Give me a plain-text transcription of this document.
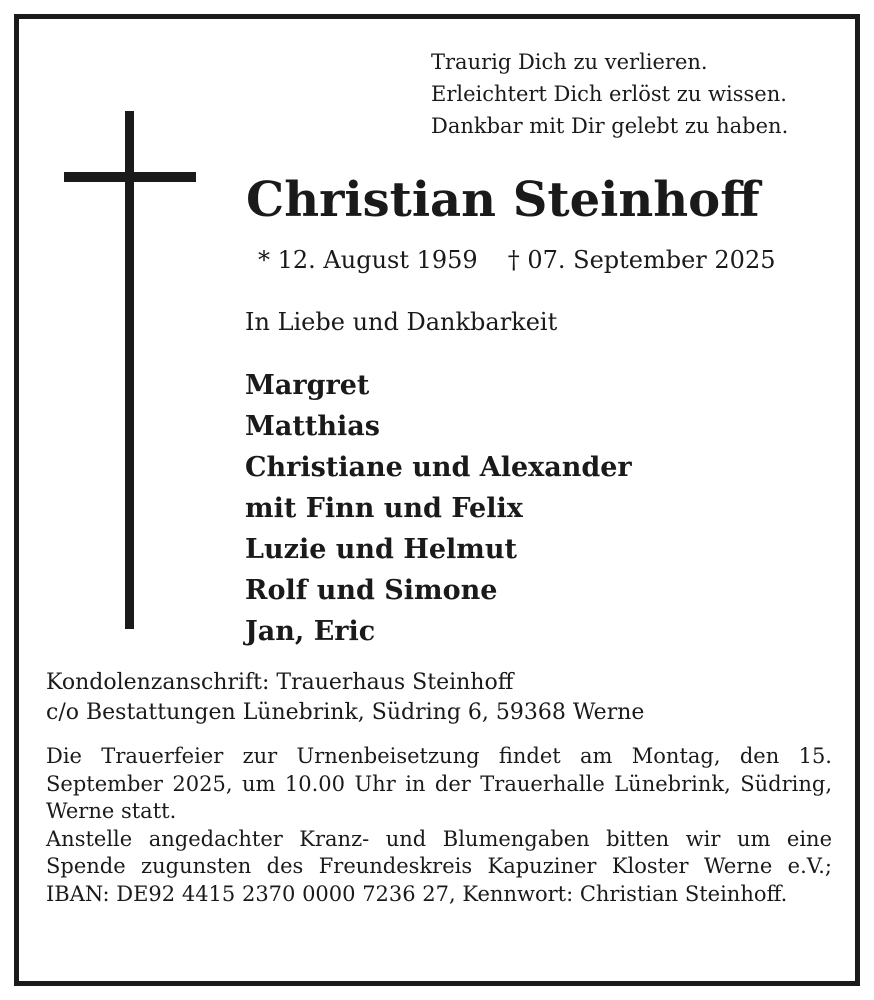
Traurig Dich zu verlieren.
Erleichtert Dich erlöst zu wissen.
Dankbar mit Dir gelebt zu haben.
Christian Steinhoff
* 12. August 1959 † 07. September 2025
In Liebe und Dankbarkeit
Margret
Matthias
Christiane und Alexander
mit Finn und Felix
Luzie und Helmut
Rolf und Simone
Jan, Eric
Kondolenzanschrift: Trauerhaus Steinhoff
c/o Bestattungen Lünebrink, Südring 6, 59368 Werne

Die Trauerfeier zur Urnenbeisetzung findet am Montag, den 15. September 2025, um 10.00 Uhr in der Trauerhalle Lünebrink, Südring, Werne statt.

Anstelle angedachter Kranz- und Blumengaben bitten wir um eine Spende zugunsten des Freundeskreis Kapuziner Kloster Werne e.V.; IBAN: DE92 4415 2370 0000 7236 27, Kennwort: Christian Steinhoff.
